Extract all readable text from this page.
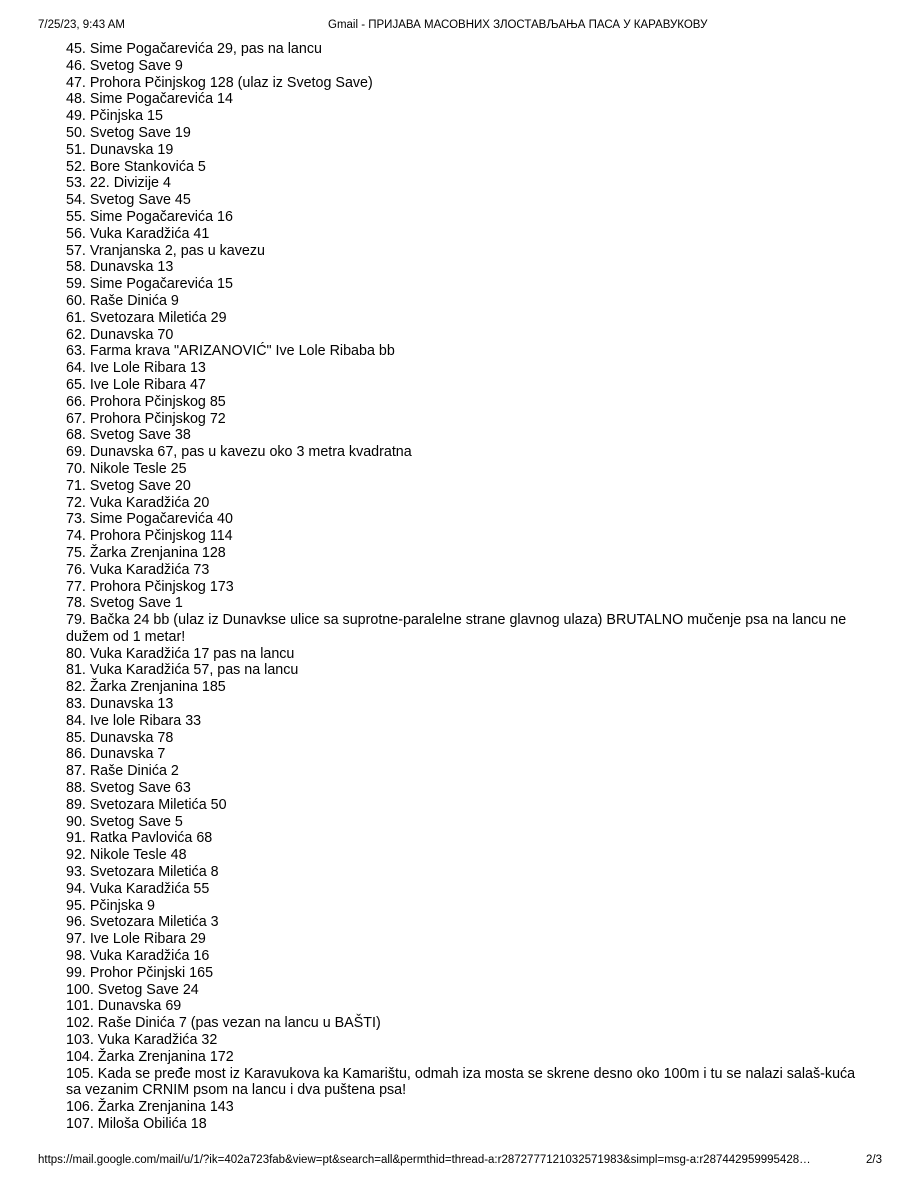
7/25/23, 9:43 AM	Gmail - ПРИЈАВА МАСОВНИХ ЗЛОСТАВЉАЊА ПАСА У КАРАВУКОВУ
45. Sime Pogačarevića 29, pas na lancu
46. Svetog Save 9
47. Prohora Pčinjskog 128 (ulaz iz Svetog Save)
48. Sime Pogačarevića 14
49. Pčinjska 15
50. Svetog Save 19
51. Dunavska 19
52. Bore Stankovića 5
53. 22. Divizije 4
54. Svetog Save 45
55. Sime Pogačarevića 16
56. Vuka Karadžića 41
57. Vranjanska 2, pas u kavezu
58. Dunavska 13
59. Sime Pogačarevića 15
60. Raše Dinića 9
61. Svetozara Miletića 29
62. Dunavska 70
63. Farma krava "ARIZANOVIĆ" Ive Lole Ribaba bb
64. Ive Lole Ribara 13
65. Ive Lole Ribara 47
66. Prohora Pčinjskog 85
67. Prohora Pčinjskog 72
68. Svetog Save 38
69. Dunavska 67, pas u kavezu oko 3 metra kvadratna
70. Nikole Tesle 25
71. Svetog Save 20
72. Vuka Karadžića 20
73. Sime Pogačarevića 40
74. Prohora Pčinjskog 114
75. Žarka Zrenjanina 128
76. Vuka Karadžića 73
77. Prohora Pčinjskog 173
78. Svetog Save 1
79. Bačka 24 bb (ulaz iz Dunavkse ulice sa suprotne-paralelne strane glavnog ulaza) BRUTALNO mučenje psa na lancu ne dužem od 1 metar!
80. Vuka Karadžića 17 pas na lancu
81. Vuka Karadžića 57, pas na lancu
82. Žarka Zrenjanina 185
83. Dunavska 13
84. Ive lole Ribara 33
85. Dunavska 78
86. Dunavska 7
87. Raše Dinića 2
88. Svetog Save 63
89. Svetozara Miletića 50
90. Svetog Save 5
91. Ratka Pavlovića 68
92. Nikole Tesle 48
93. Svetozara Miletića 8
94. Vuka Karadžića 55
95. Pčinjska 9
96. Svetozara Miletića 3
97. Ive Lole Ribara 29
98. Vuka Karadžića 16
99. Prohor Pčinjski 165
100. Svetog Save 24
101. Dunavska 69
102. Raše Dinića 7 (pas vezan na lancu u BAŠTI)
103. Vuka Karadžića 32
104. Žarka Zrenjanina 172
105. Kada se pređe most iz Karavukova ka Kamarištu, odmah iza mosta se skrene desno oko 100m i tu se nalazi salaš-kuća sa vezanim CRNIM psom na lancu i dva puštena psa!
106. Žarka Zrenjanina 143
107. Miloša Obilića 18
https://mail.google.com/mail/u/1/?ik=402a723fab&view=pt&search=all&permthid=thread-a:r2872777121032571983&simpl=msg-a:r287442959995428…	2/3
